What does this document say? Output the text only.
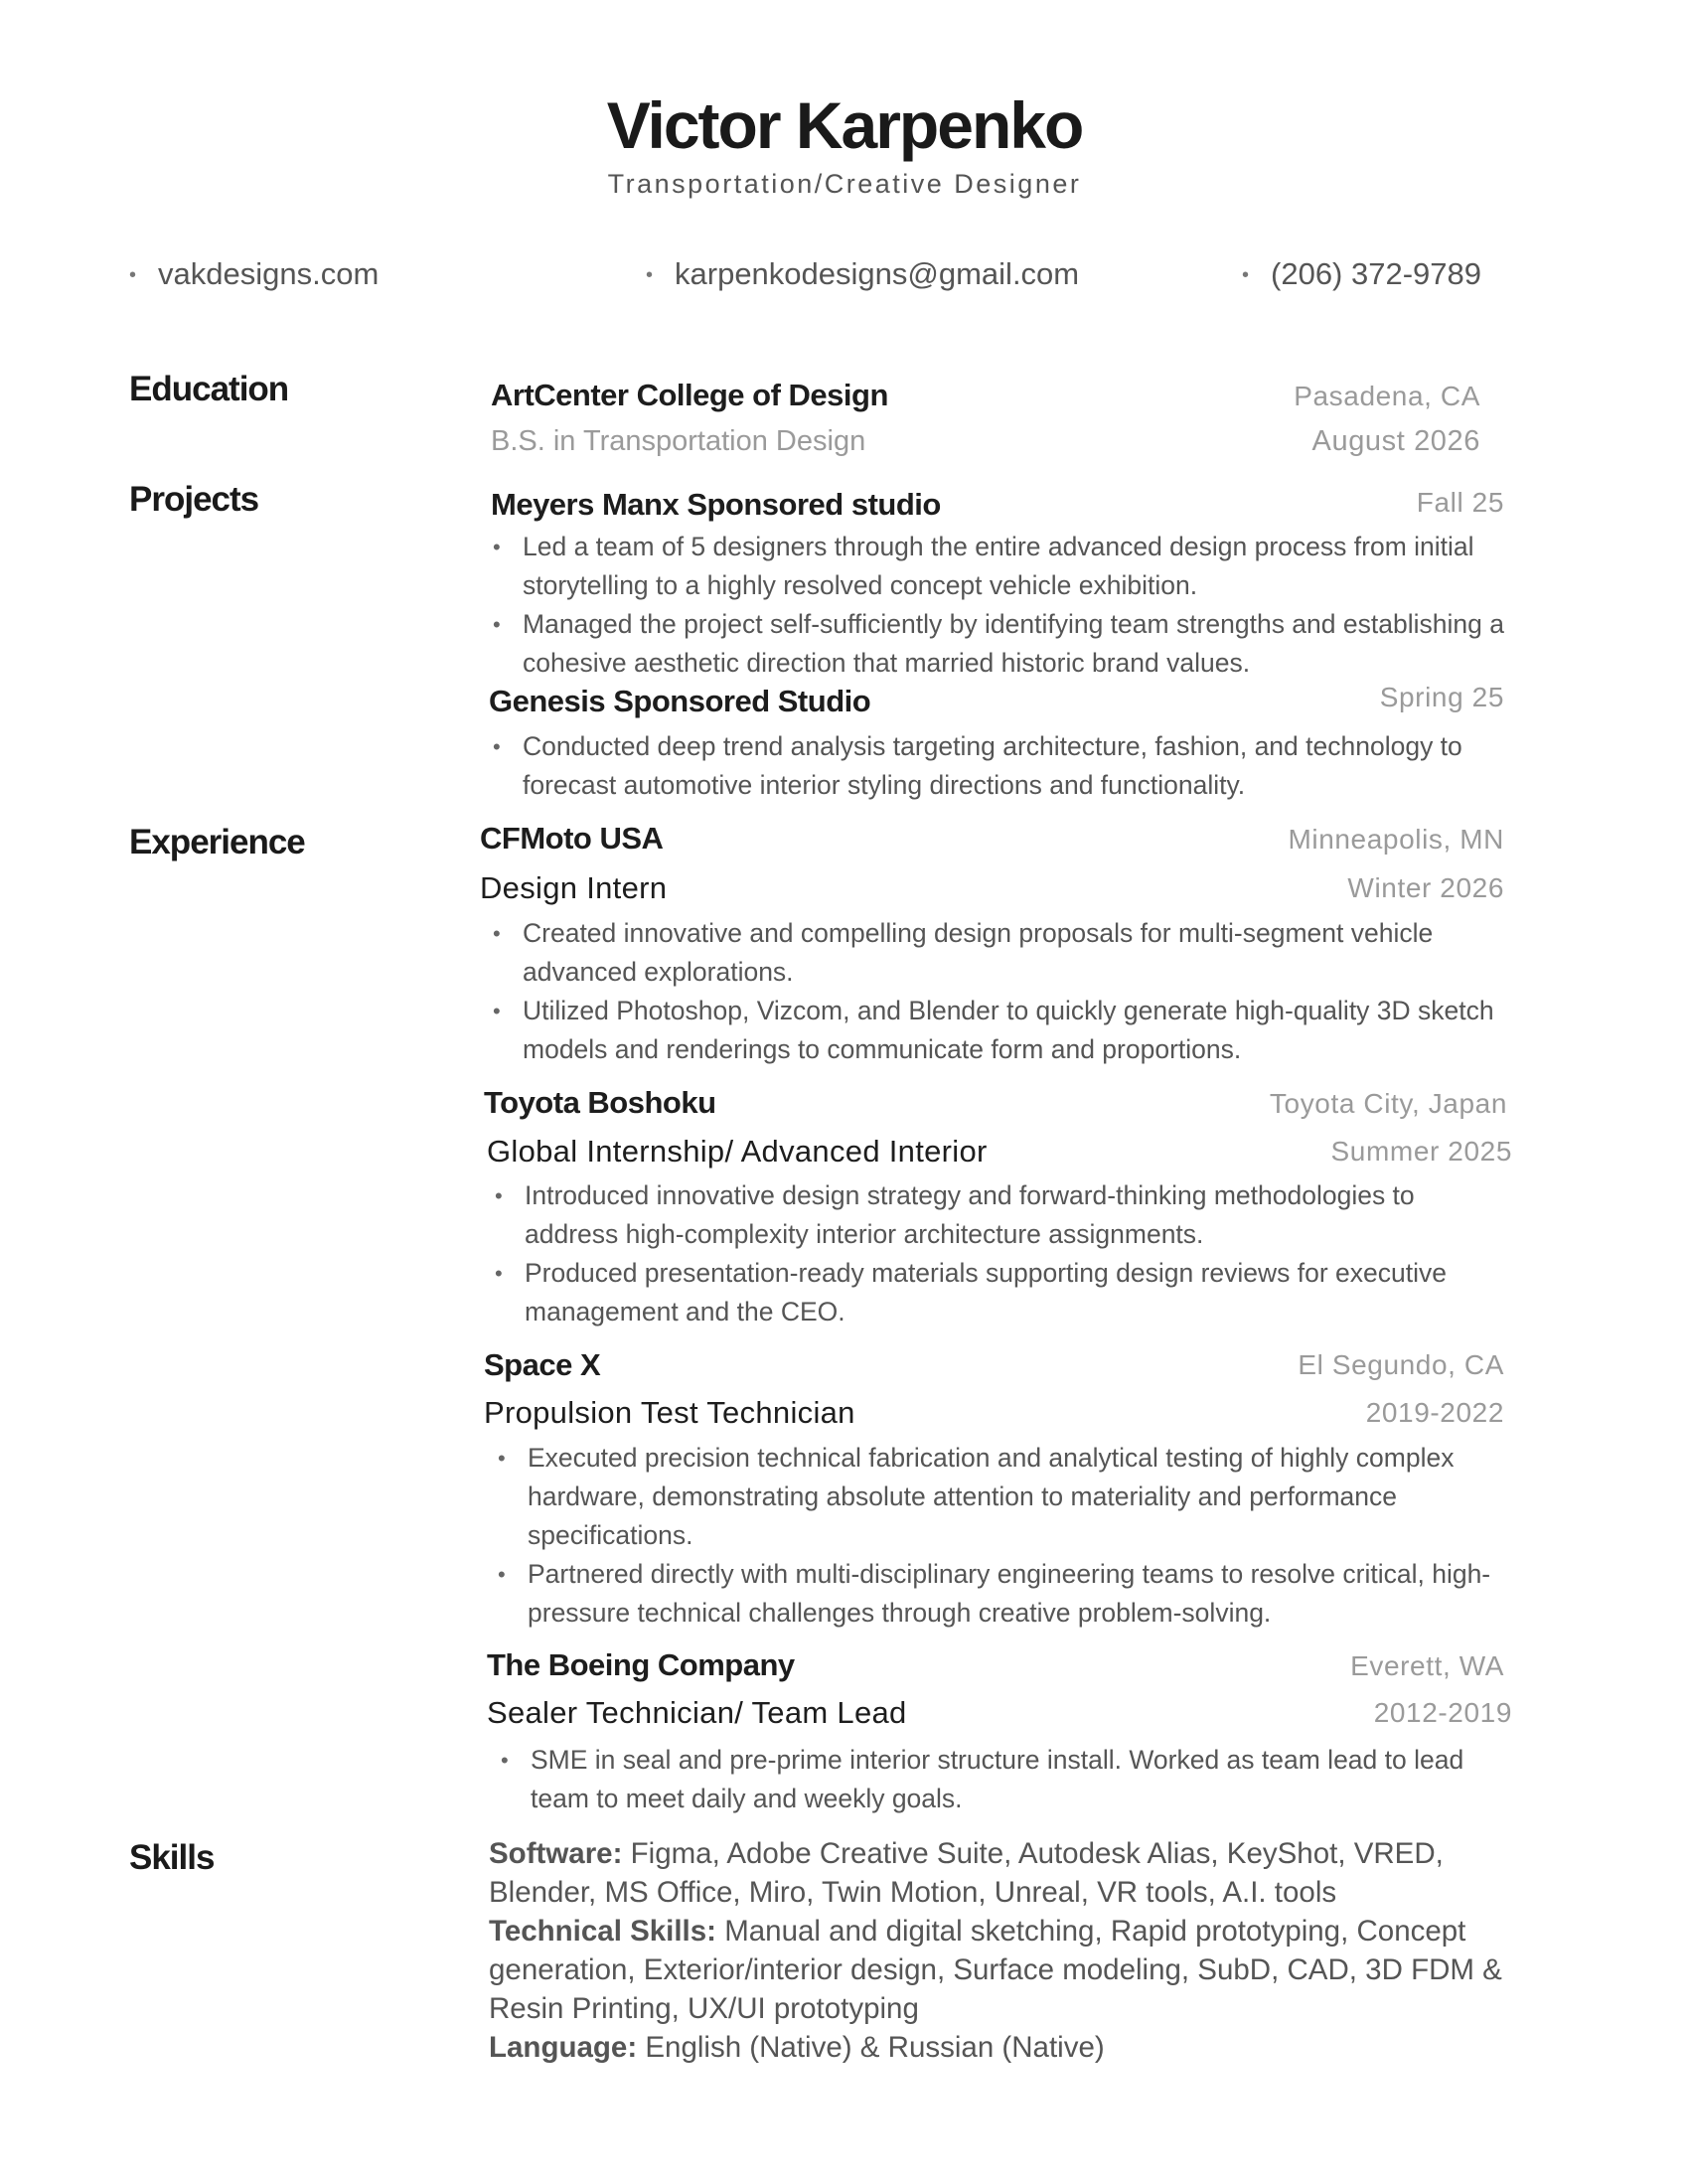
Victor Karpenko
Transportation/Creative Designer
• vakdesigns.com	• karpenkodesigns@gmail.com	• (206) 372-9789
Education
Projects
Experience
Skills
ArtCenter College of Design	Pasadena, CA
B.S. in Transportation Design	August 2026
Meyers Manx Sponsored studio	Fall 25
• Led a team of 5 designers through the entire advanced design process from initial storytelling to a highly resolved concept vehicle exhibition.
• Managed the project self-sufficiently by identifying team strengths and establishing a cohesive aesthetic direction that married historic brand values.
Genesis Sponsored Studio	Spring 25
• Conducted deep trend analysis targeting architecture, fashion, and technology to forecast automotive interior styling directions and functionality.
CFMoto USA	Minneapolis, MN
Design Intern	Winter 2026
• Created innovative and compelling design proposals for multi-segment vehicle advanced explorations.
• Utilized Photoshop, Vizcom, and Blender to quickly generate high-quality 3D sketch models and renderings to communicate form and proportions.
Toyota Boshoku	Toyota City, Japan
Global Internship/ Advanced Interior	Summer 2025
• Introduced innovative design strategy and forward-thinking methodologies to address high-complexity interior architecture assignments.
• Produced presentation-ready materials supporting design reviews for executive management and the CEO.
Space X	El Segundo, CA
Propulsion Test Technician	2019-2022
• Executed precision technical fabrication and analytical testing of highly complex hardware, demonstrating absolute attention to materiality and performance specifications.
• Partnered directly with multi-disciplinary engineering teams to resolve critical, high-pressure technical challenges through creative problem-solving.
The Boeing Company	Everett, WA
Sealer Technician/ Team Lead	2012-2019
• SME in seal and pre-prime interior structure install. Worked as team lead to lead team to meet daily and weekly goals.
Software: Figma, Adobe Creative Suite, Autodesk Alias, KeyShot, VRED, Blender, MS Office, Miro, Twin Motion, Unreal, VR tools, A.I. tools
Technical Skills: Manual and digital sketching, Rapid prototyping, Concept generation, Exterior/interior design, Surface modeling, SubD, CAD, 3D FDM & Resin Printing, UX/UI prototyping
Language: English (Native) & Russian (Native)
